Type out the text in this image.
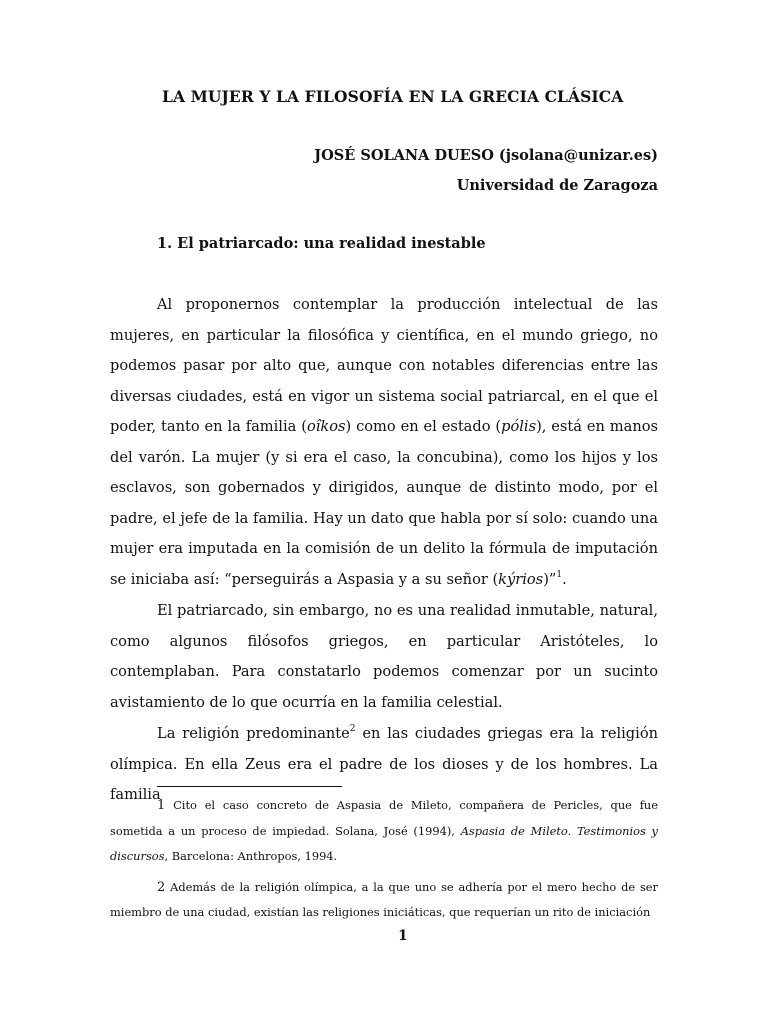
LA MUJER Y LA FILOSOFÍA EN LA GRECIA CLÁSICA
JOSÉ SOLANA DUESO (jsolana@unizar.es)
Universidad de Zaragoza
1. El patriarcado: una realidad inestable

Al proponernos contemplar la producción intelectual de las mujeres, en particular la filosófica y científica, en el mundo griego, no podemos pasar por alto que, aunque con notables diferencias entre las diversas ciudades, está en vigor un sistema social patriarcal, en el que el poder, tanto en la familia (oîkos) como en el estado (pólis), está en manos del varón. La mujer (y si era el caso, la concubina), como los hijos y los esclavos, son gobernados y dirigidos, aunque de distinto modo, por el padre, el jefe de la familia. Hay un dato que habla por sí solo: cuando una mujer era imputada en la comisión de un delito la fórmula de imputación se iniciaba así: “perseguirás a Aspasia y a su señor (kýrios)”$^1$.

El patriarcado, sin embargo, no es una realidad inmutable, natural, como algunos filósofos griegos, en particular Aristóteles, lo contemplaban. Para constatarlo podemos comenzar por un sucinto avistamiento de lo que ocurría en la familia celestial.

La religión predominante$^2$ en las ciudades griegas era la religión olímpica. En ella Zeus era el padre de los dioses y de los hombres. La familia

1 Cito el caso concreto de Aspasia de Mileto, compañera de Pericles, que fue sometida a un proceso de impiedad. Solana, José (1994), Aspasia de Mileto. Testimonios y discursos, Barcelona: Anthropos, 1994.

2 Además de la religión olímpica, a la que uno se adhería por el mero hecho de ser miembro de una ciudad, existían las religiones iniciáticas, que requerían un rito de iniciación

1
